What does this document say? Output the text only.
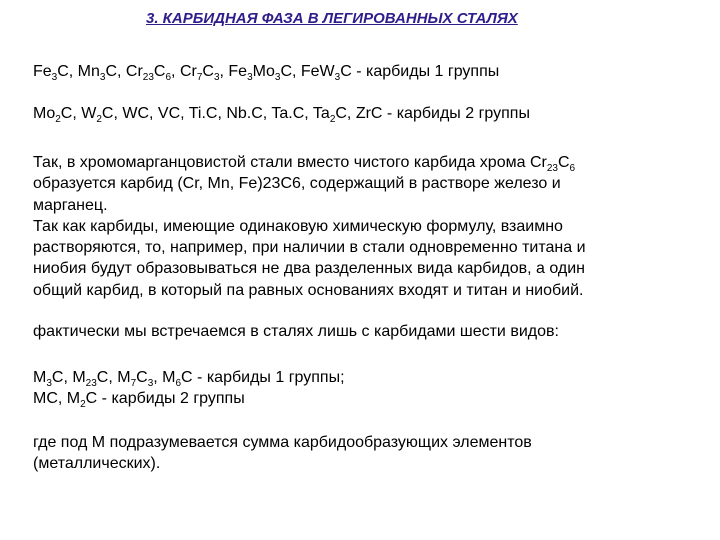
3. КАРБИДНАЯ ФАЗА В ЛЕГИРОВАННЫХ СТАЛЯХ
$Fe_3C$, $Mn_3C$, $Cr_{23}C_6$, $Cr_7C_3$, $Fe_3Mo_3C$, FeW$_3$C - карбиды 1 группы
$Mo_2C$, $W_2C$, WC, VC, Ti.C, Nb.C, Ta.C, $Ta_2C$, ZrC - карбиды 2 группы
Так, в хромомарганцовистой стали вместо чистого карбида хрома $Cr_{23}C_6$
образуется карбид (Cr, Mn, Fe)23C6, содержащий в растворе железо и
марганец.
Так как карбиды, имеющие одинаковую химическую формулу, взаимно
растворяются, то, например, при наличии в стали одновременно титана и
ниобия будут образовываться не два разделенных вида карбидов, а один
общий карбид, в который па равных основаниях входят и титан и ниобий.
фактически мы встречаемся в сталях лишь с карбидами шести видов:
$M_3C$, $M_{23}C$, $M_7C_3$, $M_6C$ - карбиды 1 группы;
MC, $M_2C$ - карбиды 2 группы
где под М подразумевается сумма карбидообразующих элементов
(металлических).
